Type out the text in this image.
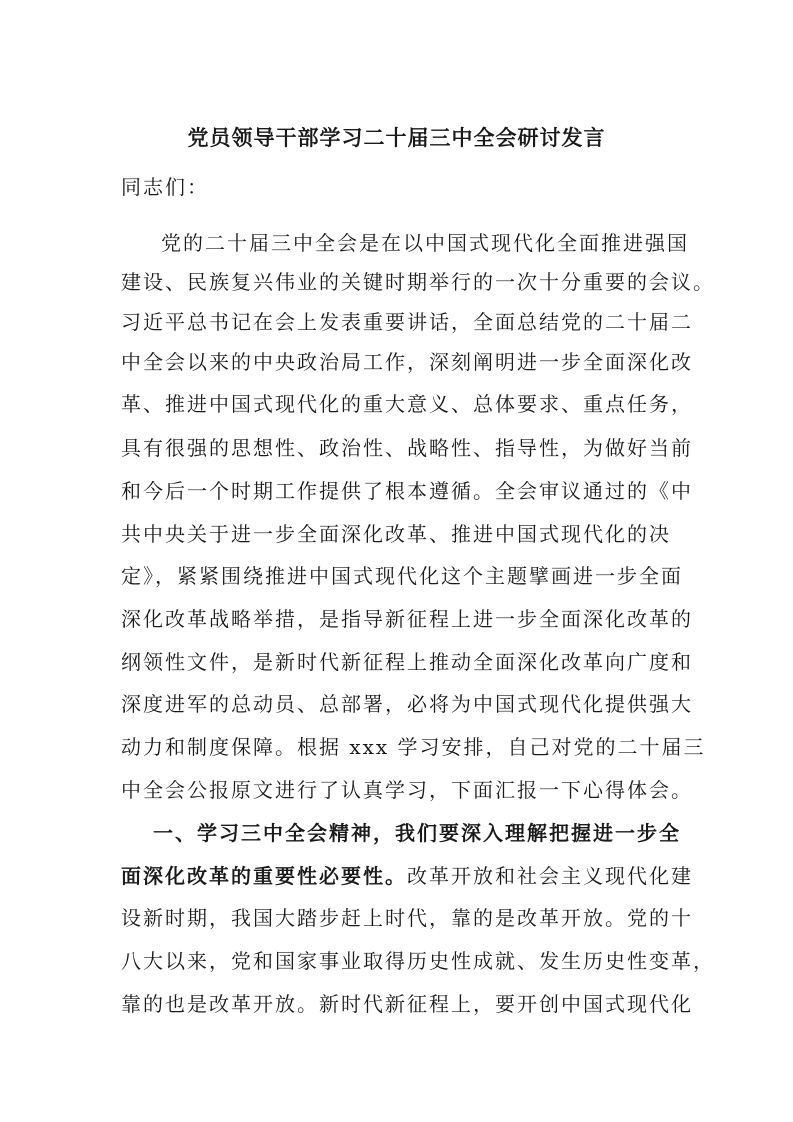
党员领导干部学习二十届三中全会研讨发言

同志们：

党的二十届三中全会是在以中国式现代化全面推进强国

建设、民族复兴伟业的关键时期举行的一次十分重要的会议。

习近平总书记在会上发表重要讲话，全面总结党的二十届二

中全会以来的中央政治局工作，深刻阐明进一步全面深化改

革、推进中国式现代化的重大意义、总体要求、重点任务，

具有很强的思想性、政治性、战略性、指导性，为做好当前

和今后一个时期工作提供了根本遵循。全会审议通过的《中

共中央关于进一步全面深化改革、推进中国式现代化的决

定》，紧紧围绕推进中国式现代化这个主题擘画进一步全面

深化改革战略举措，是指导新征程上进一步全面深化改革的

纲领性文件，是新时代新征程上推动全面深化改革向广度和

深度进军的总动员、总部署，必将为中国式现代化提供强大

动力和制度保障。根据 xxx 学习安排，自己对党的二十届三

中全会公报原文进行了认真学习，下面汇报一下心得体会。

一、学习三中全会精神，我们要深入理解把握进一步全

面深化改革的重要性必要性。改革开放和社会主义现代化建

设新时期，我国大踏步赶上时代，靠的是改革开放。党的十

八大以来，党和国家事业取得历史性成就、发生历史性变革，

靠的也是改革开放。新时代新征程上，要开创中国式现代化
